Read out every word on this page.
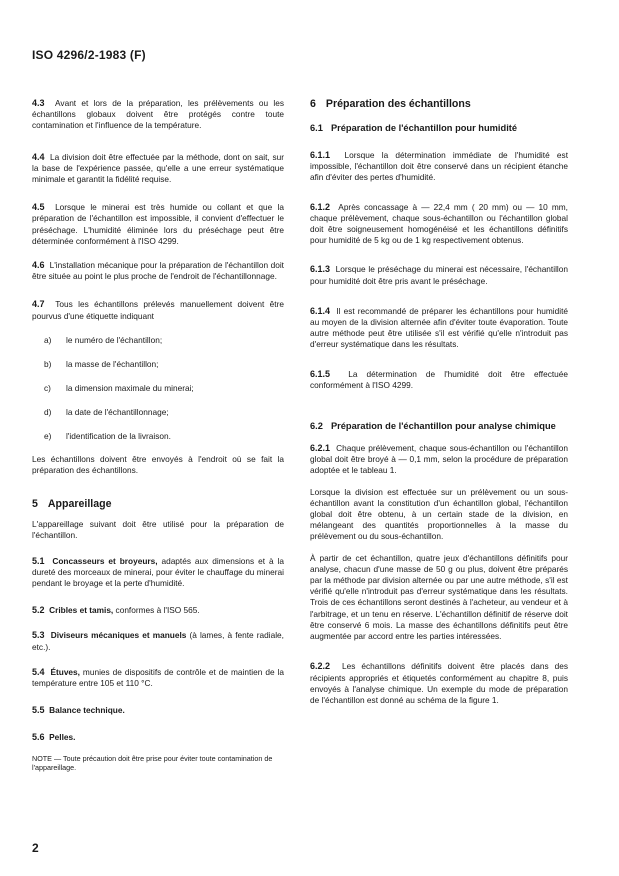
ISO 4296/2-1983 (F)

4.3 Avant et lors de la préparation, les prélèvements ou les échantillons globaux doivent être protégés contre toute contamination et l'influence de la température.

4.4 La division doit être effectuée par la méthode, dont on sait, sur la base de l'expérience passée, qu'elle a une erreur systématique minimale et garantit la fidélité requise.

4.5 Lorsque le minerai est très humide ou collant et que la préparation de l'échantillon est impossible, il convient d'effectuer le préséchage. L'humidité éliminée lors du préséchage peut être déterminée conformément à l'ISO 4299.

4.6 L'installation mécanique pour la préparation de l'échantillon doit être située au point le plus proche de l'endroit de l'échantillonnage.

4.7 Tous les échantillons prélevés manuellement doivent être pourvus d'une étiquette indiquant

a)	le numéro de l'échantillon;

b)	la masse de l'échantillon;

c)	la dimension maximale du minerai;

d)	la date de l'échantillonnage;

e)	l'identification de la livraison.

Les échantillons doivent être envoyés à l'endroit où se fait la préparation des échantillons.

5 Appareillage

L'appareillage suivant doit être utilisé pour la préparation de l'échantillon.

5.1 Concasseurs et broyeurs, adaptés aux dimensions et à la dureté des morceaux de minerai, pour éviter le chauffage du minerai pendant le broyage et la perte d'humidité.

5.2 Cribles et tamis, conformes à l'ISO 565.

5.3 Diviseurs mécaniques et manuels (à lames, à fente radiale, etc.).

5.4 Étuves, munies de dispositifs de contrôle et de maintien de la température entre 105 et 110 °C.

5.5 Balance technique.

5.6 Pelles.

NOTE — Toute précaution doit être prise pour éviter toute contamination de l'appareillage.

6 Préparation des échantillons

6.1 Préparation de l'échantillon pour humidité

6.1.1 Lorsque la détermination immédiate de l'humidité est impossible, l'échantillon doit être conservé dans un récipient étanche afin d'éviter des pertes d'humidité.

6.1.2 Après concassage à — 22,4 mm ( 20 mm) ou — 10 mm, chaque prélèvement, chaque sous-échantillon ou l'échantillon global doit être soigneusement homogénéisé et les échantillons définitifs pour humidité de 5 kg ou de 1 kg respectivement obtenus.

6.1.3 Lorsque le préséchage du minerai est nécessaire, l'échantillon pour humidité doit être pris avant le préséchage.

6.1.4 Il est recommandé de préparer les échantillons pour humidité au moyen de la division alternée afin d'éviter toute évaporation. Toute autre méthode peut être utilisée s'il est vérifié qu'elle n'introduit pas d'erreur systématique dans les résultats.

6.1.5 La détermination de l'humidité doit être effectuée conformément à l'ISO 4299.

6.2 Préparation de l'échantillon pour analyse chimique

6.2.1 Chaque prélèvement, chaque sous-échantillon ou l'échantillon global doit être broyé à — 0,1 mm, selon la procédure de préparation adoptée et le tableau 1.

Lorsque la division est effectuée sur un prélèvement ou un sous-échantillon avant la constitution d'un échantillon global, l'échantillon global doit être obtenu, à un certain stade de la division, en mélangeant des quantités proportionnelles à la masse du prélèvement ou du sous-échantillon.

À partir de cet échantillon, quatre jeux d'échantillons définitifs pour analyse, chacun d'une masse de 50 g ou plus, doivent être préparés par la méthode par division alternée ou par une autre méthode, s'il est vérifié qu'elle n'introduit pas d'erreur systématique dans les résultats. Trois de ces échantillons seront destinés à l'acheteur, au vendeur et à l'arbitrage, et un tenu en réserve. L'échantillon définitif de réserve doit être conservé 6 mois. La masse des échantillons définitifs peut être augmentée par accord entre les parties intéressées.

6.2.2 Les échantillons définitifs doivent être placés dans des récipients appropriés et étiquetés conformément au chapitre 8, puis envoyés à l'analyse chimique. Un exemple du mode de préparation de l'échantillon est donné au schéma de la figure 1.

2
